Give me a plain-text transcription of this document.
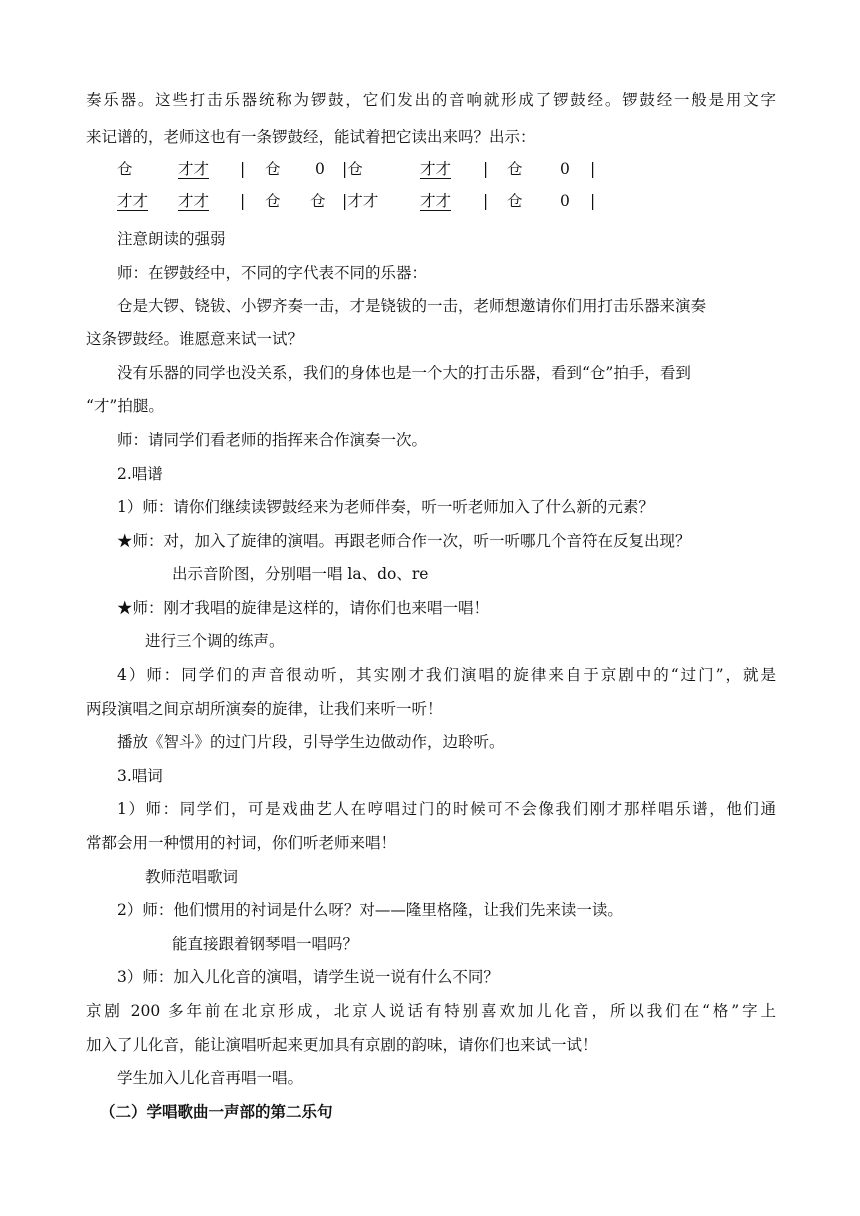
奏乐器。这些打击乐器统称为锣鼓，它们发出的音响就形成了锣鼓经。锣鼓经一般是用文字
来记谱的，老师这也有一条锣鼓经，能试着把它读出来吗？出示：
仓	才才 | 仓 0 |仓	才才 | 仓 0 |
才才 才才 | 仓 仓 |才才	才才 | 仓 0 |
注意朗读的强弱
师：在锣鼓经中，不同的字代表不同的乐器：
仓是大锣、铙钹、小锣齐奏一击，才是铙钹的一击，老师想邀请你们用打击乐器来演奏
这条锣鼓经。谁愿意来试一试？
没有乐器的同学也没关系，我们的身体也是一个大的打击乐器，看到“仓”拍手，看到
“才”拍腿。
师：请同学们看老师的指挥来合作演奏一次。
2.唱谱
1）师：请你们继续读锣鼓经来为老师伴奏，听一听老师加入了什么新的元素？
★师：对，加入了旋律的演唱。再跟老师合作一次，听一听哪几个音符在反复出现？
出示音阶图，分别唱一唱 la、do、re
★师：刚才我唱的旋律是这样的，请你们也来唱一唱！
进行三个调的练声。
4）师：同学们的声音很动听，其实刚才我们演唱的旋律来自于京剧中的“过门”，就是
两段演唱之间京胡所演奏的旋律，让我们来听一听！
播放《智斗》的过门片段，引导学生边做动作，边聆听。
3.唱词
1）师：同学们，可是戏曲艺人在哼唱过门的时候可不会像我们刚才那样唱乐谱，他们通
常都会用一种惯用的衬词，你们听老师来唱！
教师范唱歌词
2）师：他们惯用的衬词是什么呀？对——隆里格隆，让我们先来读一读。
能直接跟着钢琴唱一唱吗？
3）师：加入儿化音的演唱，请学生说一说有什么不同？
京剧 200 多年前在北京形成，北京人说话有特别喜欢加儿化音，所以我们在“格”字上
加入了儿化音，能让演唱听起来更加具有京剧的韵味，请你们也来试一试！
学生加入儿化音再唱一唱。
（二）学唱歌曲一声部的第二乐句
